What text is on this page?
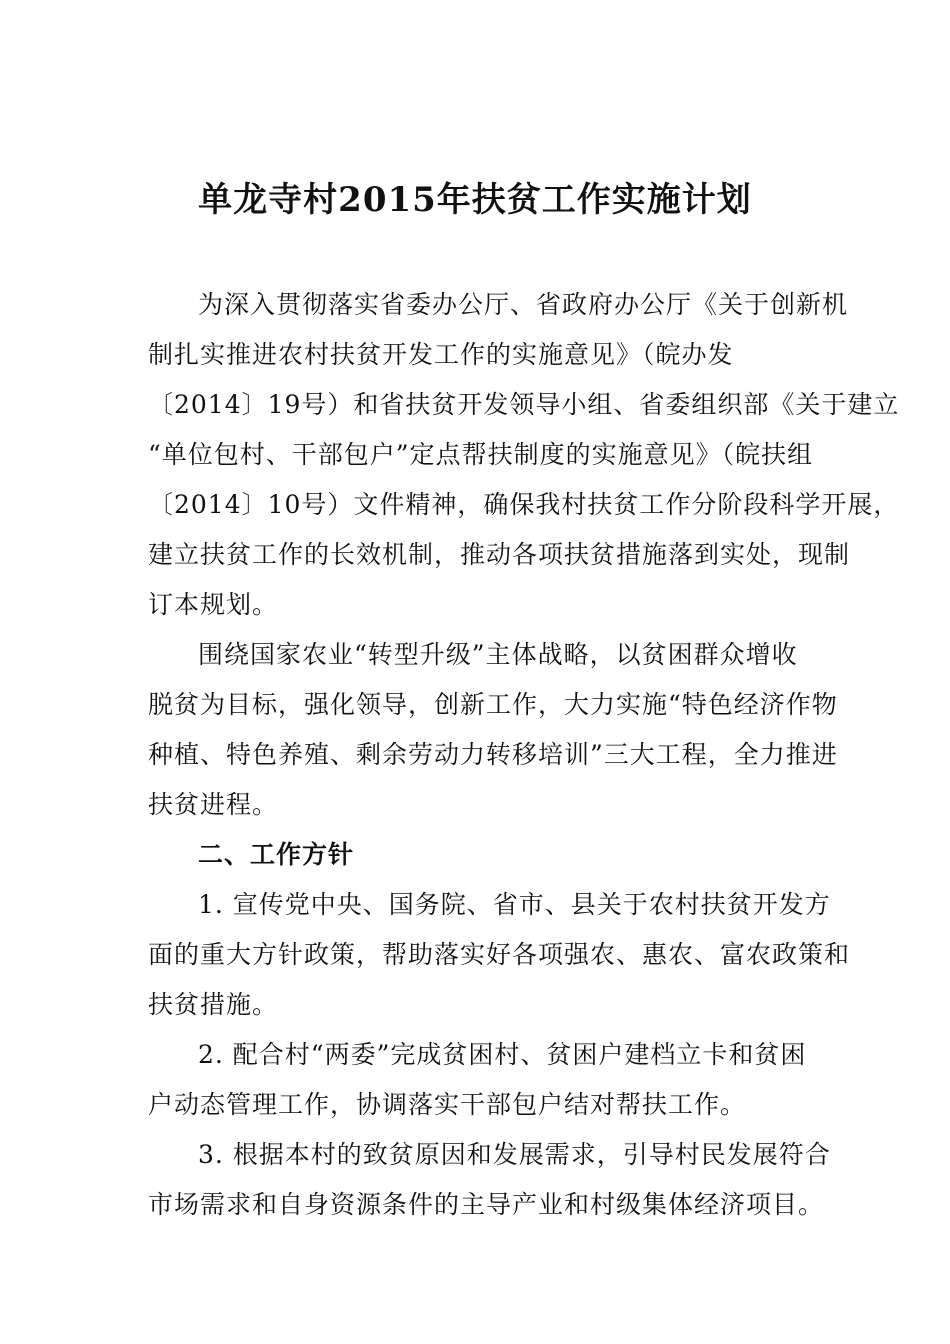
单龙寺村2015年扶贫工作实施计划
为深入贯彻落实省委办公厅、省政府办公厅《关于创新机
制扎实推进农村扶贫开发工作的实施意见》（皖办发
〔2014〕19号）和省扶贫开发领导小组、省委组织部《关于建立
“单位包村、干部包户”定点帮扶制度的实施意见》（皖扶组
〔2014〕10号）文件精神，确保我村扶贫工作分阶段科学开展，
建立扶贫工作的长效机制，推动各项扶贫措施落到实处，现制
订本规划。
围绕国家农业“转型升级”主体战略，以贫困群众增收
脱贫为目标，强化领导，创新工作，大力实施“特色经济作物
种植、特色养殖、剩余劳动力转移培训”三大工程，全力推进
扶贫进程。
二、工作方针
1. 宣传党中央、国务院、省市、县关于农村扶贫开发方
面的重大方针政策，帮助落实好各项强农、惠农、富农政策和
扶贫措施。
2. 配合村“两委”完成贫困村、贫困户建档立卡和贫困
户动态管理工作，协调落实干部包户结对帮扶工作。
3. 根据本村的致贫原因和发展需求，引导村民发展符合
市场需求和自身资源条件的主导产业和村级集体经济项目。
